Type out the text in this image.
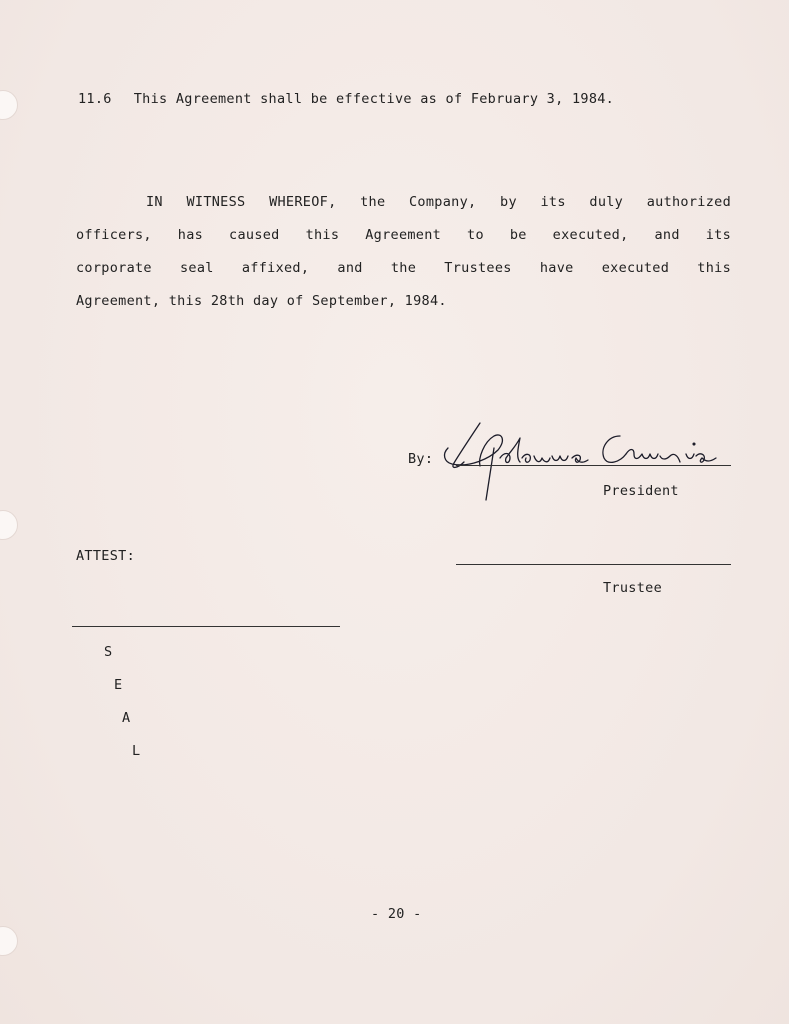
11.6 This Agreement shall be effective as of February 3, 1984.
IN WITNESS WHEREOF, the Company, by its duly authorized
officers, has caused this Agreement to be executed, and its
corporate seal affixed, and the Trustees have executed this
Agreement, this 28th day of September, 1984.
By:
President
ATTEST:
Trustee
S
E
A
L
- 20 -
